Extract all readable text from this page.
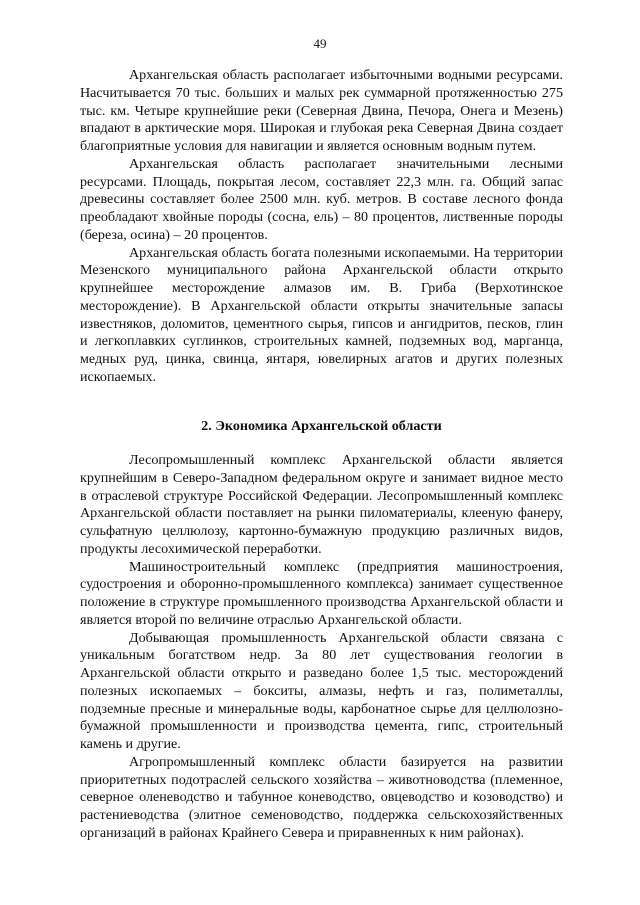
49

Архангельская область располагает избыточными водными ресурсами. Насчитывается 70 тыс. больших и малых рек суммарной протяженностью 275 тыс. км. Четыре крупнейшие реки (Северная Двина, Печора, Онега и Мезень) впадают в арктические моря. Широкая и глубокая река Северная Двина создает благоприятные условия для навигации и является основным водным путем.

Архангельская область располагает значительными лесными ресурсами. Площадь, покрытая лесом, составляет 22,3 млн. га. Общий запас древесины составляет более 2500 млн. куб. метров. В составе лесного фонда преобладают хвойные породы (сосна, ель) – 80 процентов, лиственные породы (береза, осина) – 20 процентов.

Архангельская область богата полезными ископаемыми. На территории Мезенского муниципального района Архангельской области открыто крупнейшее месторождение алмазов им. В. Гриба (Верхотинское месторождение). В Архангельской области открыты значительные запасы известняков, доломитов, цементного сырья, гипсов и ангидритов, песков, глин и легкоплавких суглинков, строительных камней, подземных вод, марганца, медных руд, цинка, свинца, янтаря, ювелирных агатов и других полезных ископаемых.

2. Экономика Архангельской области

Лесопромышленный комплекс Архангельской области является крупнейшим в Северо-Западном федеральном округе и занимает видное место в отраслевой структуре Российской Федерации. Лесопромышленный комплекс Архангельской области поставляет на рынки пиломатериалы, клееную фанеру, сульфатную целлюлозу, картонно-бумажную продукцию различных видов, продукты лесохимической переработки.

Машиностроительный комплекс (предприятия машиностроения, судостроения и оборонно-промышленного комплекса) занимает существенное положение в структуре промышленного производства Архангельской области и является второй по величине отраслью Архангельской области.

Добывающая промышленность Архангельской области связана с уникальным богатством недр. За 80 лет существования геологии в Архангельской области открыто и разведано более 1,5 тыс. месторождений полезных ископаемых – бокситы, алмазы, нефть и газ, полиметаллы, подземные пресные и минеральные воды, карбонатное сырье для целлюлозно-бумажной промышленности и производства цемента, гипс, строительный камень и другие.

Агропромышленный комплекс области базируется на развитии приоритетных подотраслей сельского хозяйства – животноводства (племенное, северное оленеводство и табунное коневодство, овцеводство и козоводство) и растениеводства (элитное семеноводство, поддержка сельскохозяйственных организаций в районах Крайнего Севера и приравненных к ним районах).
